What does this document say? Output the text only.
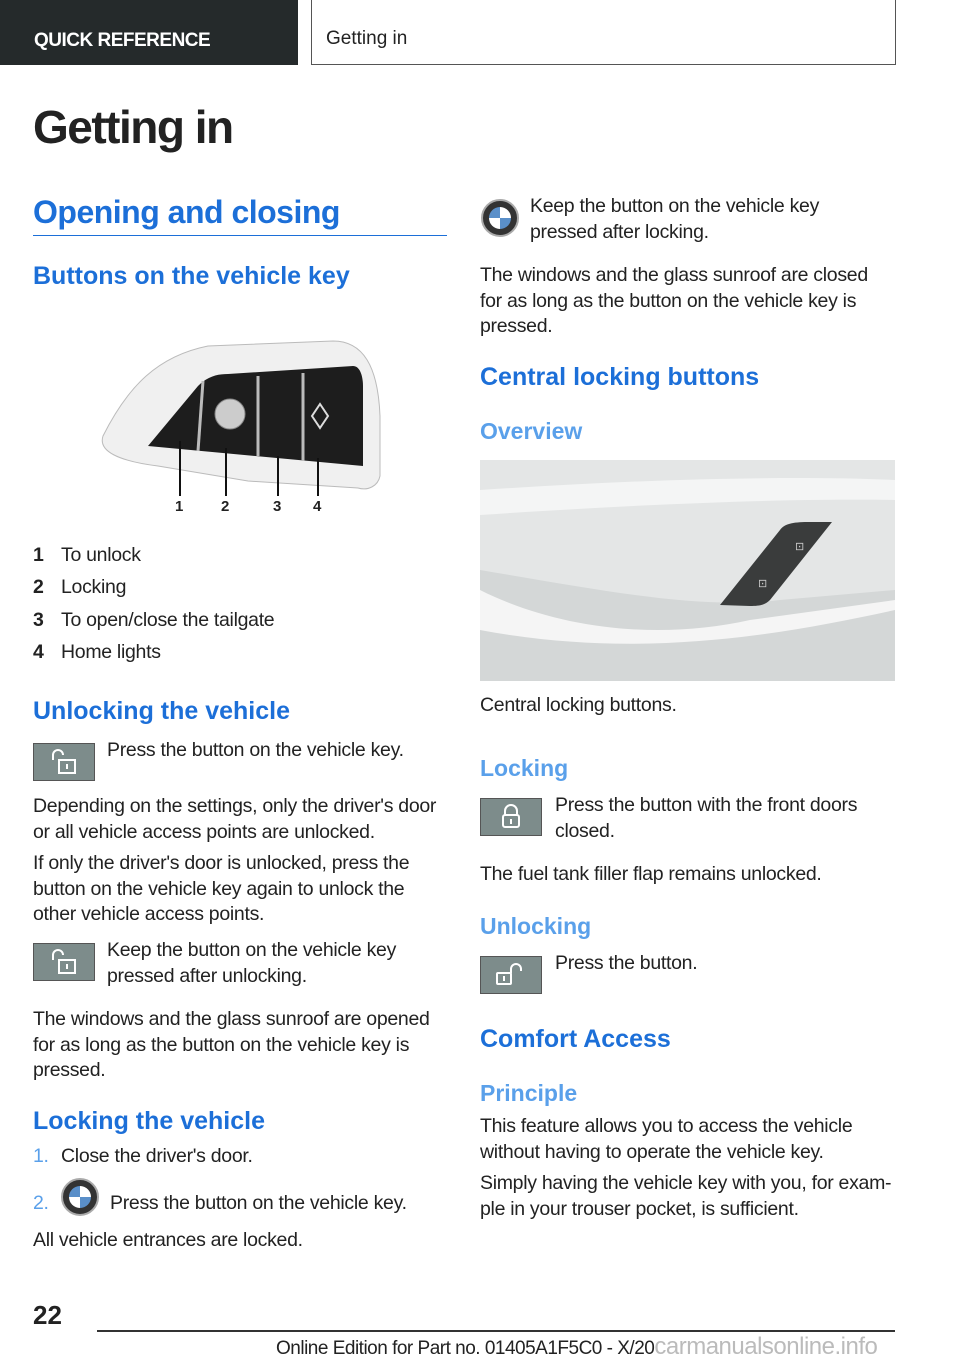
QUICK REFERENCE	Getting in
Getting in
Opening and closing
Buttons on the vehicle key
1	2	3 4
1 To unlock
2 Locking
3 To open/close the tailgate
4 Home lights
Unlocking the vehicle
Press the button on the vehicle key.
Depending on the settings, only the driver's door or all vehicle access points are unlocked.
If only the driver's door is unlocked, press the button on the vehicle key again to unlock the other vehicle access points.
Keep the button on the vehicle key pressed after unlocking.
The windows and the glass sunroof are opened for as long as the button on the vehicle key is pressed.
Locking the vehicle
1. Close the driver's door.
2.	Press the button on the vehicle key.
All vehicle entrances are locked.
Keep the button on the vehicle key pressed after locking.
The windows and the glass sunroof are closed for as long as the button on the vehicle key is pressed.
Central locking buttons
Overview
⊡
⊡
Central locking buttons.
Locking
Press the button with the front doors closed.
The fuel tank filler flap remains unlocked.
Unlocking
Press the button.
Comfort Access
Principle
This feature allows you to access the vehicle without having to operate the vehicle key.
Simply having the vehicle key with you, for exam-ple in your trouser pocket, is sufficient.
22
Online Edition for Part no. 01405A1F5C0 - X/20carmanualsonline.info
